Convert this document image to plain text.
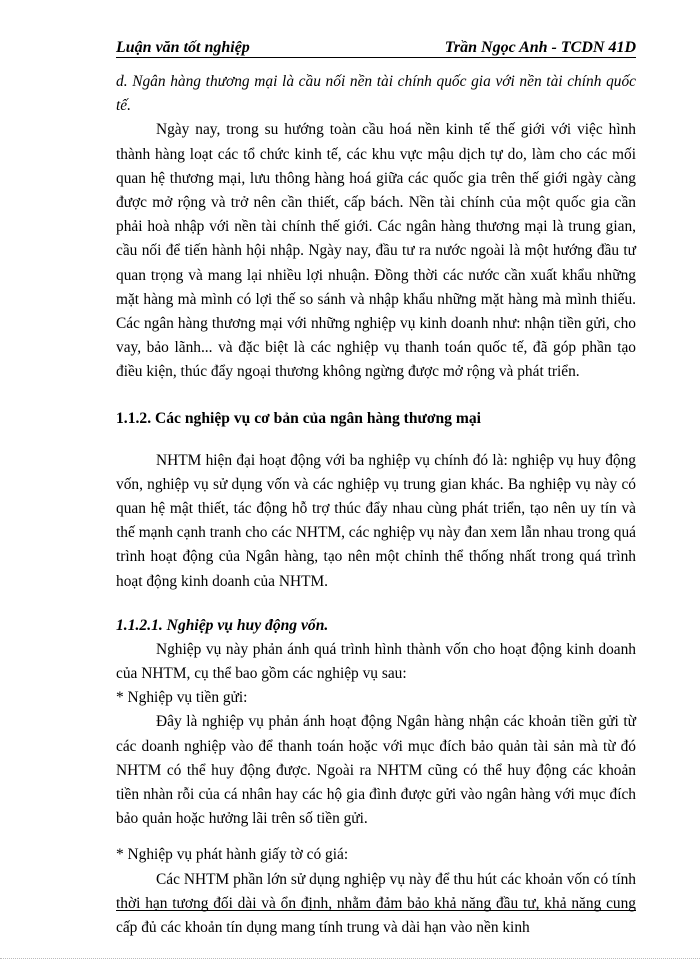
Luận văn tốt nghiệp	Trần Ngọc Anh - TCDN 41D

d. Ngân hàng thương mại là cầu nối nền tài chính quốc gia với nền tài chính quốc tế.

Ngày nay, trong su hướng toàn cầu hoá nền kinh tế thế giới với việc hình thành hàng loạt các tổ chức kinh tế, các khu vực mậu dịch tự do, làm cho các mối quan hệ thương mại, lưu thông hàng hoá giữa các quốc gia trên thế giới ngày càng được mở rộng và trở nên cần thiết, cấp bách. Nền tài chính của một quốc gia cần phải hoà nhập với nền tài chính thế giới. Các ngân hàng thương mại là trung gian, cầu nối để tiến hành hội nhập. Ngày nay, đầu tư ra nước ngoài là một hướng đầu tư quan trọng và mang lại nhiều lợi nhuận. Đồng thời các nước cần xuất khẩu những mặt hàng mà mình có lợi thế so sánh và nhập khẩu những mặt hàng mà mình thiếu. Các ngân hàng thương mại với những nghiệp vụ kinh doanh như: nhận tiền gửi, cho vay, bảo lãnh... và đặc biệt là các nghiệp vụ thanh toán quốc tế, đã góp phần tạo điều kiện, thúc đẩy ngoại thương không ngừng được mở rộng và phát triển.

1.1.2. Các nghiệp vụ cơ bản của ngân hàng thương mại

NHTM hiện đại hoạt động với ba nghiệp vụ chính đó là: nghiệp vụ huy động vốn, nghiệp vụ sử dụng vốn và các nghiệp vụ trung gian khác. Ba nghiệp vụ này có quan hệ mật thiết, tác động hỗ trợ thúc đẩy nhau cùng phát triển, tạo nên uy tín và thế mạnh cạnh tranh cho các NHTM, các nghiệp vụ này đan xem lẫn nhau trong quá trình hoạt động của Ngân hàng, tạo nên một chỉnh thể thống nhất trong quá trình hoạt động kinh doanh của NHTM.

1.1.2.1. Nghiệp vụ huy động vốn.

Nghiệp vụ này phản ánh quá trình hình thành vốn cho hoạt động kinh doanh của NHTM, cụ thể bao gồm các nghiệp vụ sau:

* Nghiệp vụ tiền gửi:

Đây là nghiệp vụ phản ánh hoạt động Ngân hàng nhận các khoản tiền gửi từ các doanh nghiệp vào để thanh toán hoặc với mục đích bảo quản tài sản mà từ đó NHTM có thể huy động được. Ngoài ra NHTM cũng có thể huy động các khoản tiền nhàn rỗi của cá nhân hay các hộ gia đình được gửi vào ngân hàng với mục đích bảo quản hoặc hưởng lãi trên số tiền gửi.

* Nghiệp vụ phát hành giấy tờ có giá:

Các NHTM phần lớn sử dụng nghiệp vụ này để thu hút các khoản vốn có tính thời hạn tương đối dài và ổn định, nhằm đảm bảo khả năng đầu tư, khả năng cung cấp đủ các khoản tín dụng mang tính trung và dài hạn vào nền kinh
